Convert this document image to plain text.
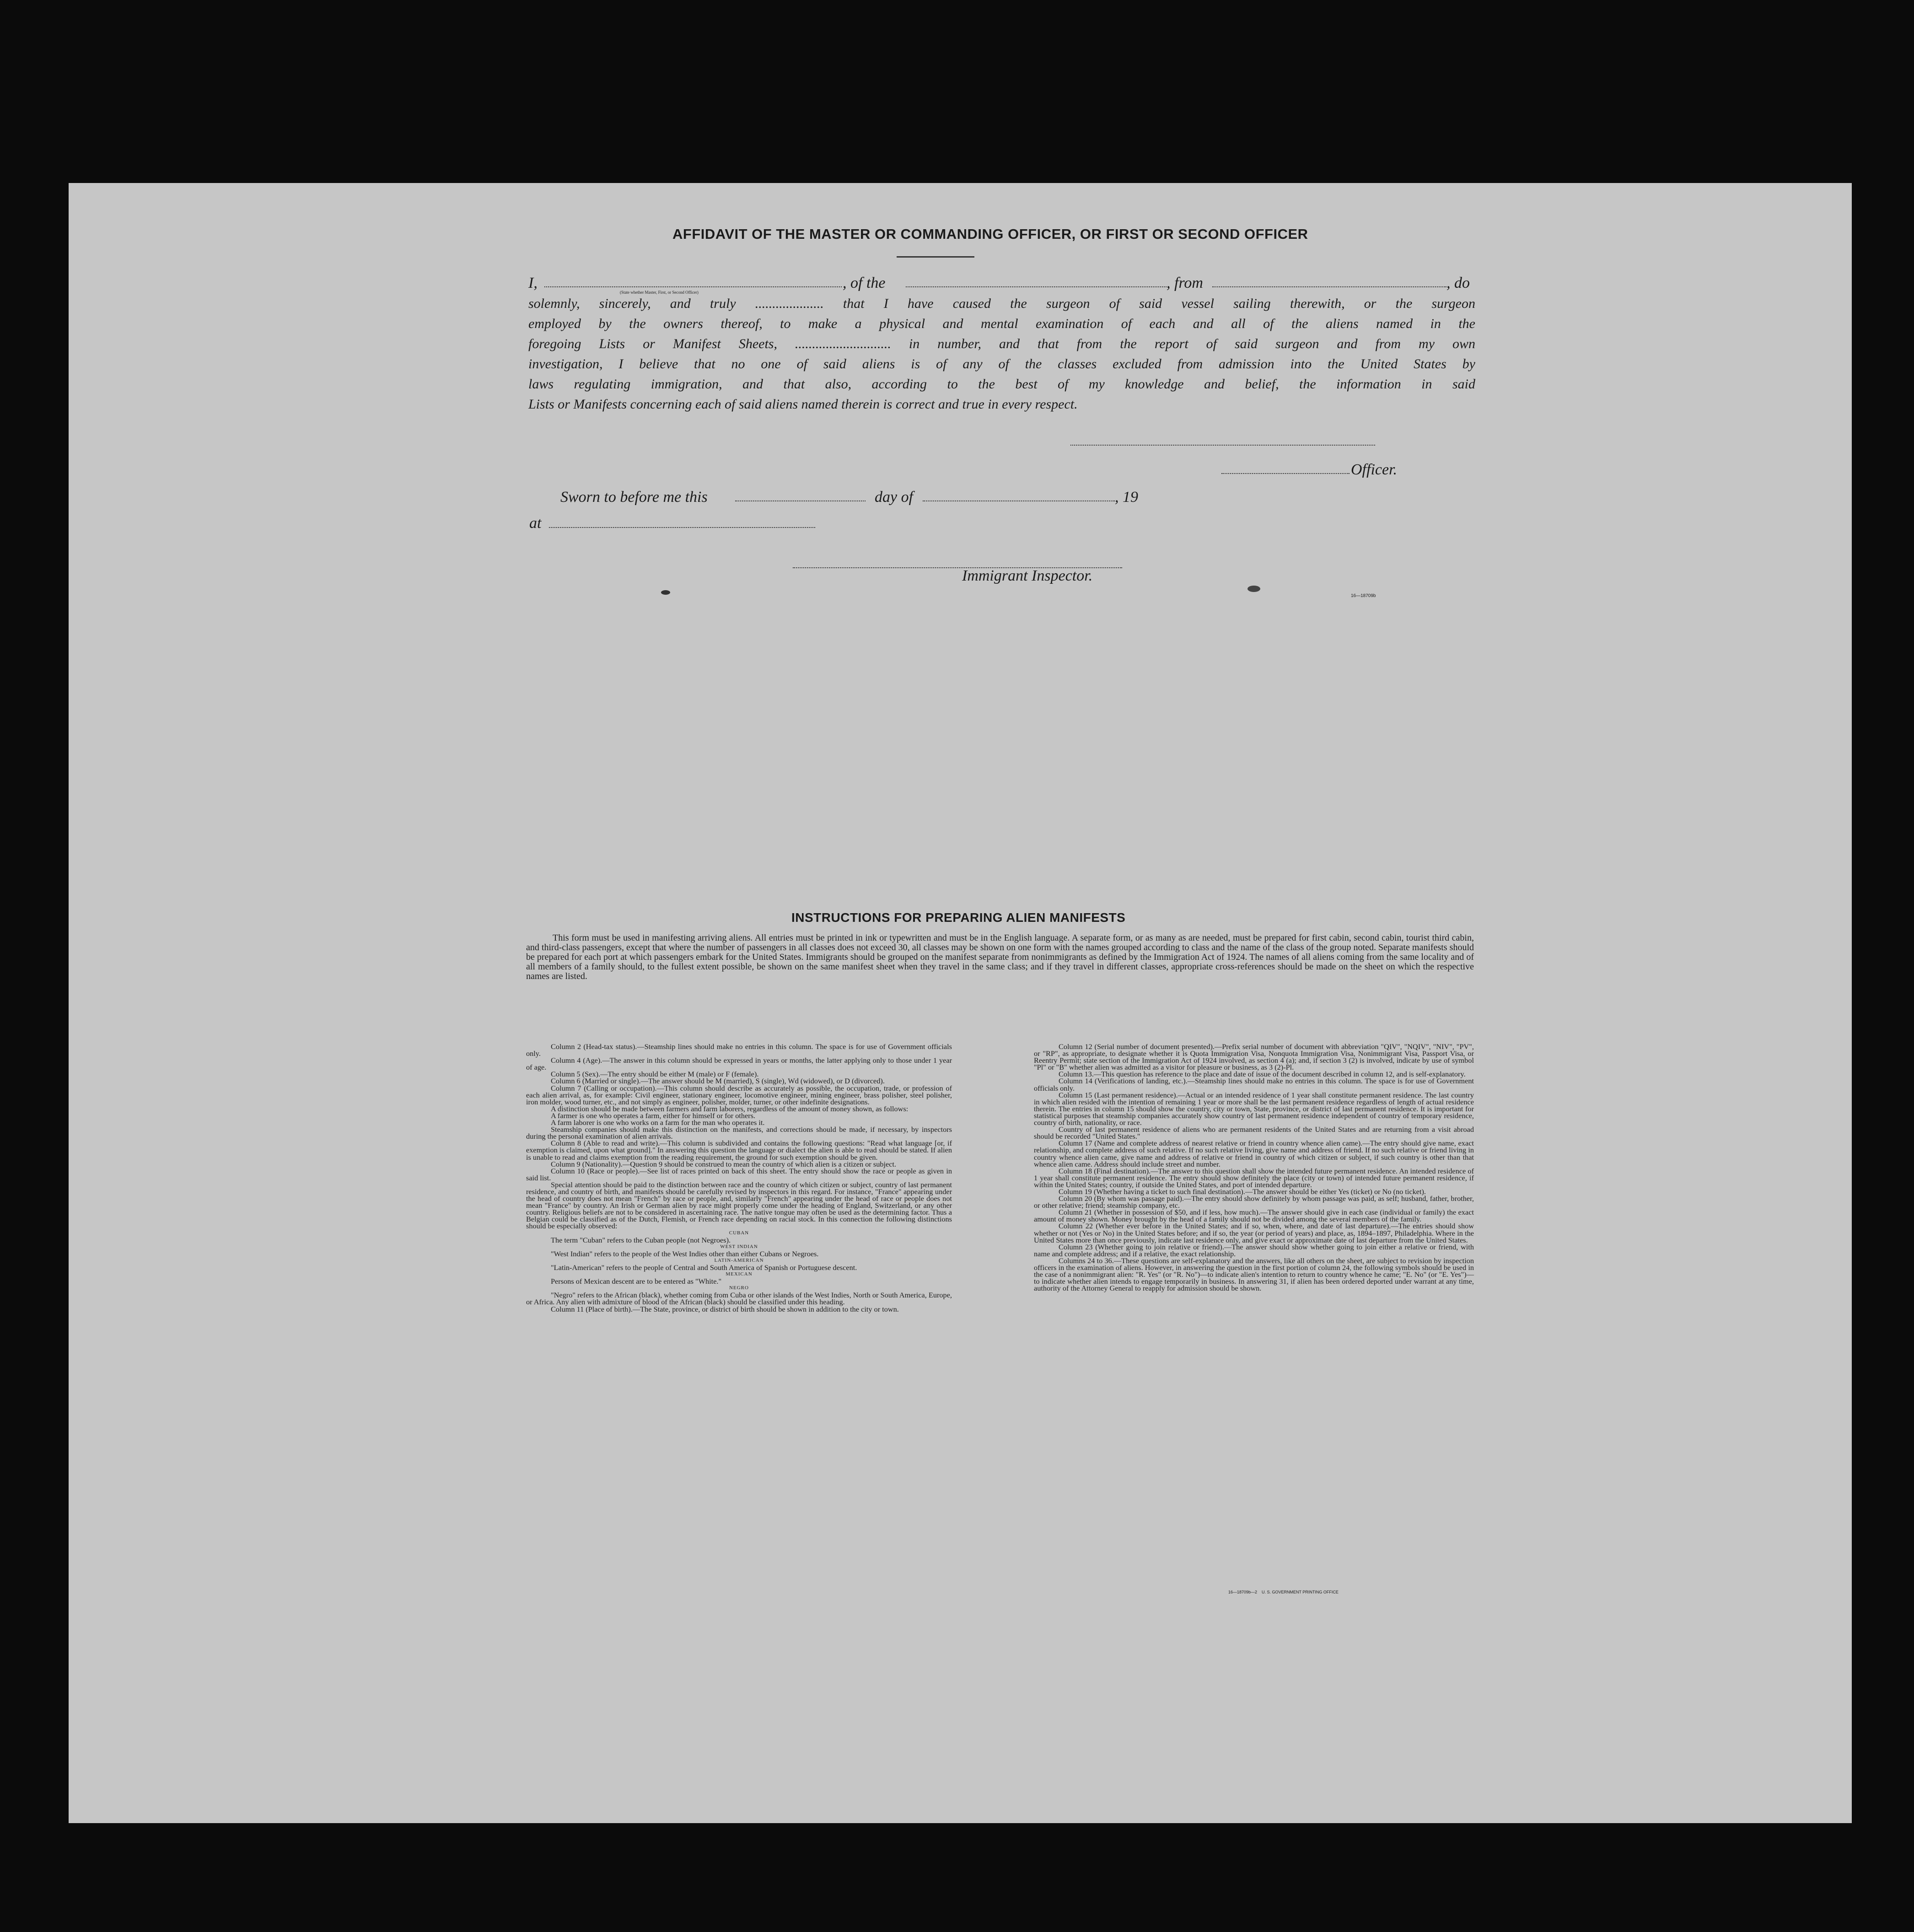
AFFIDAVIT OF THE MASTER OR COMMANDING OFFICER, OR FIRST OR SECOND OFFICER
I,
(State whether Master, First, or Second Officer)
, of the	, from	, do
solemnly, sincerely, and truly .................... that I have caused the surgeon of said vessel sailing therewith, or the surgeon
employed by the owners thereof, to make a physical and mental examination of each and all of the aliens named in the
foregoing Lists or Manifest Sheets, ............................ in number, and that from the report of said surgeon and from my own
investigation, I believe that no one of said aliens is of any of the classes excluded from admission into the United States by
laws regulating immigration, and that also, according to the best of my knowledge and belief, the information in said
Lists or Manifests concerning each of said aliens named therein is correct and true in every respect.
Officer.
Sworn to before me this	day of	, 19
at
Immigrant Inspector.
16—18709b
INSTRUCTIONS FOR PREPARING ALIEN MANIFESTS
This form must be used in manifesting arriving aliens. All entries must be printed in ink or typewritten and must be in the English language. A separate form, or as many as are needed, must be prepared for first cabin, second cabin, tourist third cabin, and third-class passengers, except that where the number of passengers in all classes does not exceed 30, all classes may be shown on one form with the names grouped according to class and the name of the class of the group noted. Separate manifests should be prepared for each port at which passengers embark for the United States. Immigrants should be grouped on the manifest separate from nonimmigrants as defined by the Immigration Act of 1924. The names of all aliens coming from the same locality and of all members of a family should, to the fullest extent possible, be shown on the same manifest sheet when they travel in the same class; and if they travel in different classes, appropriate cross-references should be made on the sheet on which the respective names are listed.

Column 2 (Head-tax status).—Steamship lines should make no entries in this column. The space is for use of Government officials only.

Column 4 (Age).—The answer in this column should be expressed in years or months, the latter applying only to those under 1 year of age.

Column 5 (Sex).—The entry should be either M (male) or F (female).

Column 6 (Married or single).—The answer should be M (married), S (single), Wd (widowed), or D (divorced).

Column 7 (Calling or occupation).—This column should describe as accurately as possible, the occupation, trade, or profession of each alien arrival, as, for example: Civil engineer, stationary engineer, locomotive engineer, mining engineer, brass polisher, steel polisher, iron molder, wood turner, etc., and not simply as engineer, polisher, molder, turner, or other indefinite designations.

A distinction should be made between farmers and farm laborers, regardless of the amount of money shown, as follows:

A farmer is one who operates a farm, either for himself or for others.

A farm laborer is one who works on a farm for the man who operates it.

Steamship companies should make this distinction on the manifests, and corrections should be made, if necessary, by inspectors during the personal examination of alien arrivals.

Column 8 (Able to read and write).—This column is subdivided and contains the following questions: "Read what language [or, if exemption is claimed, upon what ground]." In answering this question the language or dialect the alien is able to read should be stated. If alien is unable to read and claims exemption from the reading requirement, the ground for such exemption should be given.

Column 9 (Nationality).—Question 9 should be construed to mean the country of which alien is a citizen or subject.

Column 10 (Race or people).—See list of races printed on back of this sheet. The entry should show the race or people as given in said list.

Special attention should be paid to the distinction between race and the country of which citizen or subject, country of last permanent residence, and country of birth, and manifests should be carefully revised by inspectors in this regard. For instance, "France" appearing under the head of country does not mean "French" by race or people, and, similarly "French" appearing under the head of race or people does not mean "France" by country. An Irish or German alien by race might properly come under the heading of England, Switzerland, or any other country. Religious beliefs are not to be considered in ascertaining race. The native tongue may often be used as the determining factor. Thus a Belgian could be classified as of the Dutch, Flemish, or French race depending on racial stock. In this connection the following distinctions should be especially observed:

CUBAN

The term "Cuban" refers to the Cuban people (not Negroes).

WEST INDIAN

"West Indian" refers to the people of the West Indies other than either Cubans or Negroes.

LATIN-AMERICAN

"Latin-American" refers to the people of Central and South America of Spanish or Portuguese descent.

MEXICAN

Persons of Mexican descent are to be entered as "White."

NEGRO

"Negro" refers to the African (black), whether coming from Cuba or other islands of the West Indies, North or South America, Europe, or Africa. Any alien with admixture of blood of the African (black) should be classified under this heading.

Column 11 (Place of birth).—The State, province, or district of birth should be shown in addition to the city or town.

Column 12 (Serial number of document presented).—Prefix serial number of document with abbreviation "QIV", "NQIV", "NIV", "PV", or "RP", as appropriate, to designate whether it is Quota Immigration Visa, Nonquota Immigration Visa, Nonimmigrant Visa, Passport Visa, or Reentry Permit; state section of the Immigration Act of 1924 involved, as section 4 (a); and, if section 3 (2) is involved, indicate by use of symbol "Pl" or "B" whether alien was admitted as a visitor for pleasure or business, as 3 (2)-Pl.

Column 13.—This question has reference to the place and date of issue of the document described in column 12, and is self-explanatory.

Column 14 (Verifications of landing, etc.).—Steamship lines should make no entries in this column. The space is for use of Government officials only.

Column 15 (Last permanent residence).—Actual or an intended residence of 1 year shall constitute permanent residence. The last country in which alien resided with the intention of remaining 1 year or more shall be the last permanent residence regardless of length of actual residence therein. The entries in column 15 should show the country, city or town, State, province, or district of last permanent residence. It is important for statistical purposes that steamship companies accurately show country of last permanent residence independent of country of temporary residence, country of birth, nationality, or race.

Country of last permanent residence of aliens who are permanent residents of the United States and are returning from a visit abroad should be recorded "United States."

Column 17 (Name and complete address of nearest relative or friend in country whence alien came).—The entry should give name, exact relationship, and complete address of such relative. If no such relative living, give name and address of friend. If no such relative or friend living in country whence alien came, give name and address of relative or friend in country of which citizen or subject, if such country is other than that whence alien came. Address should include street and number.

Column 18 (Final destination).—The answer to this question shall show the intended future permanent residence. An intended residence of 1 year shall constitute permanent residence. The entry should show definitely the place (city or town) of intended future permanent residence, if within the United States; country, if outside the United States, and port of intended departure.

Column 19 (Whether having a ticket to such final destination).—The answer should be either Yes (ticket) or No (no ticket).

Column 20 (By whom was passage paid).—The entry should show definitely by whom passage was paid, as self; husband, father, brother, or other relative; friend; steamship company, etc.

Column 21 (Whether in possession of $50, and if less, how much).—The answer should give in each case (individual or family) the exact amount of money shown. Money brought by the head of a family should not be divided among the several members of the family.

Column 22 (Whether ever before in the United States; and if so, when, where, and date of last departure).—The entries should show whether or not (Yes or No) in the United States before; and if so, the year (or period of years) and place, as, 1894–1897, Philadelphia. Where in the United States more than once previously, indicate last residence only, and give exact or approximate date of last departure from the United States.

Column 23 (Whether going to join relative or friend).—The answer should show whether going to join either a relative or friend, with name and complete address; and if a relative, the exact relationship.

Columns 24 to 36.—These questions are self-explanatory and the answers, like all others on the sheet, are subject to revision by inspection officers in the examination of aliens. However, in answering the question in the first portion of column 24, the following symbols should be used in the case of a nonimmigrant alien: "R. Yes" (or "R. No")—to indicate alien's intention to return to country whence he came; "E. No" (or "E. Yes")—to indicate whether alien intends to engage temporarily in business. In answering 31, if alien has been ordered deported under warrant at any time, authority of the Attorney General to reapply for admission should be shown.

16—18709b—2    U. S. GOVERNMENT PRINTING OFFICE
